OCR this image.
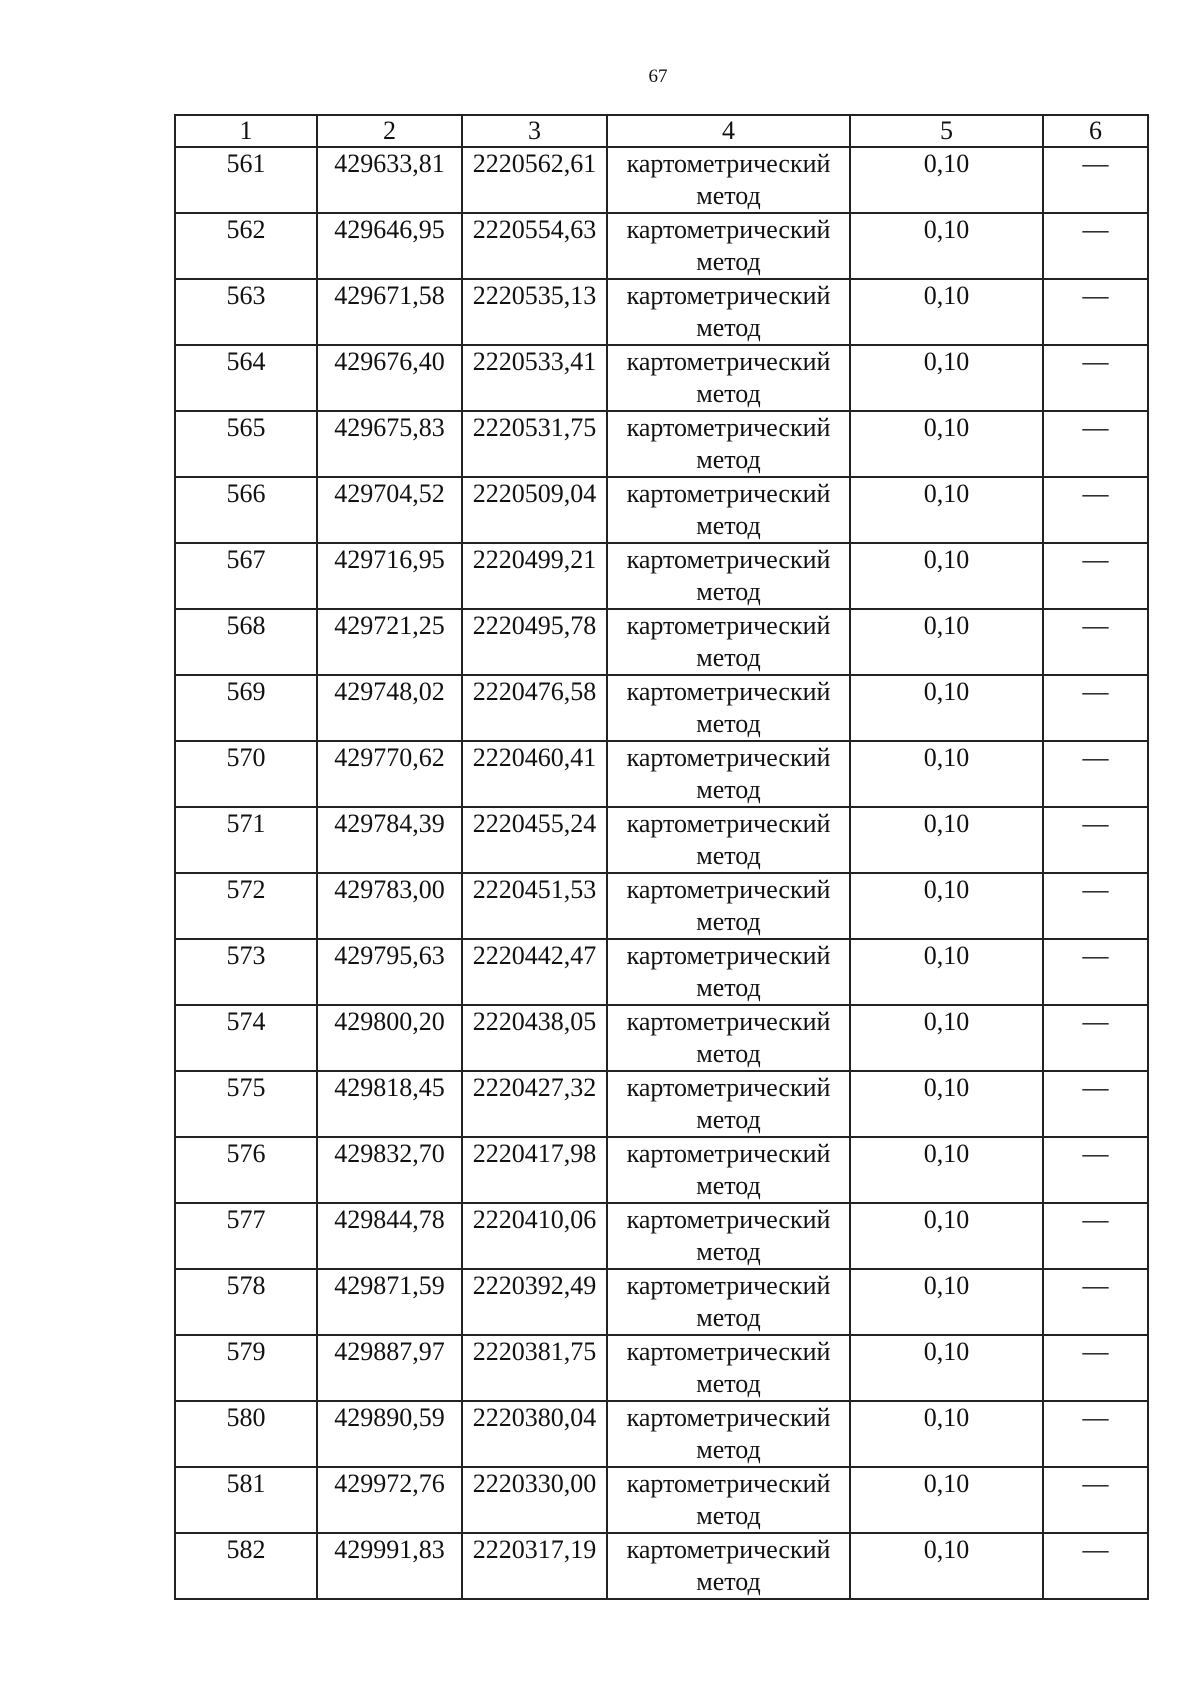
67
1	2	3	4	5	6
561	429633,81	2220562,61	картометрический метод	0,10	—
562	429646,95	2220554,63	картометрический метод	0,10	—
563	429671,58	2220535,13	картометрический метод	0,10	—
564	429676,40	2220533,41	картометрический метод	0,10	—
565	429675,83	2220531,75	картометрический метод	0,10	—
566	429704,52	2220509,04	картометрический метод	0,10	—
567	429716,95	2220499,21	картометрический метод	0,10	—
568	429721,25	2220495,78	картометрический метод	0,10	—
569	429748,02	2220476,58	картометрический метод	0,10	—
570	429770,62	2220460,41	картометрический метод	0,10	—
571	429784,39	2220455,24	картометрический метод	0,10	—
572	429783,00	2220451,53	картометрический метод	0,10	—
573	429795,63	2220442,47	картометрический метод	0,10	—
574	429800,20	2220438,05	картометрический метод	0,10	—
575	429818,45	2220427,32	картометрический метод	0,10	—
576	429832,70	2220417,98	картометрический метод	0,10	—
577	429844,78	2220410,06	картометрический метод	0,10	—
578	429871,59	2220392,49	картометрический метод	0,10	—
579	429887,97	2220381,75	картометрический метод	0,10	—
580	429890,59	2220380,04	картометрический метод	0,10	—
581	429972,76	2220330,00	картометрический метод	0,10	—
582	429991,83	2220317,19	картометрический метод	0,10	—
